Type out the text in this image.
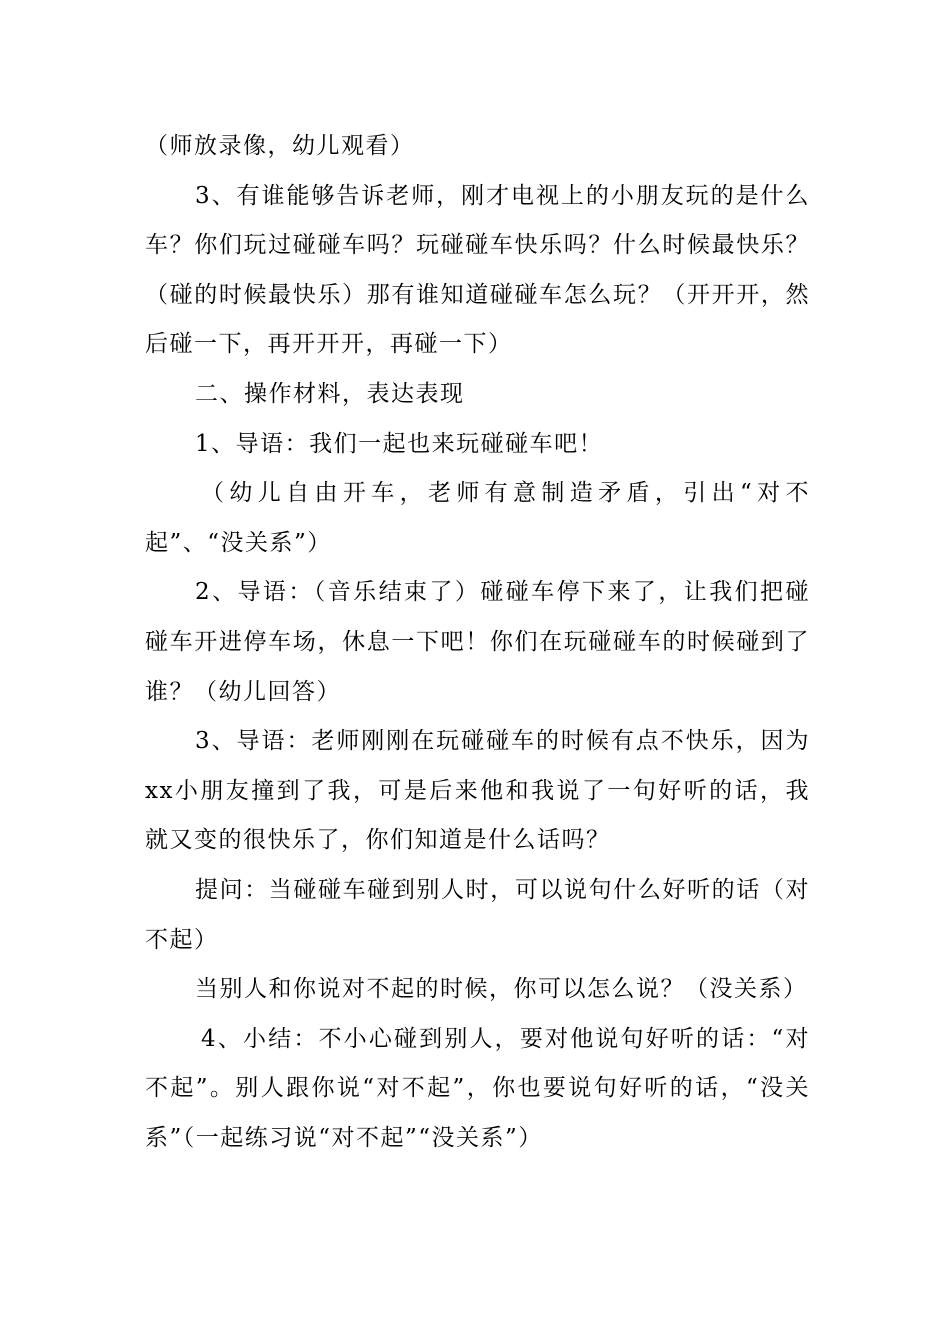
（师放录像，幼儿观看）

3、有谁能够告诉老师，刚才电视上的小朋友玩的是什么车？你们玩过碰碰车吗？玩碰碰车快乐吗？什么时候最快乐？（碰的时候最快乐）那有谁知道碰碰车怎么玩？（开开开，然后碰一下，再开开开，再碰一下）

二、操作材料，表达表现

1、导语：我们一起也来玩碰碰车吧！

（幼儿自由开车，老师有意制造矛盾，引出“对不起”、“没关系”）

2、导语：（音乐结束了）碰碰车停下来了，让我们把碰碰车开进停车场，休息一下吧！你们在玩碰碰车的时候碰到了谁？（幼儿回答）

3、导语：老师刚刚在玩碰碰车的时候有点不快乐，因为xx小朋友撞到了我，可是后来他和我说了一句好听的话，我就又变的很快乐了，你们知道是什么话吗？

提问：当碰碰车碰到别人时，可以说句什么好听的话（对不起）

当别人和你说对不起的时候，你可以怎么说？（没关系）

4、小结：不小心碰到别人，要对他说句好听的话：“对不起”。别人跟你说“对不起”，你也要说句好听的话，“没关系”（一起练习说“对不起”“没关系”）
